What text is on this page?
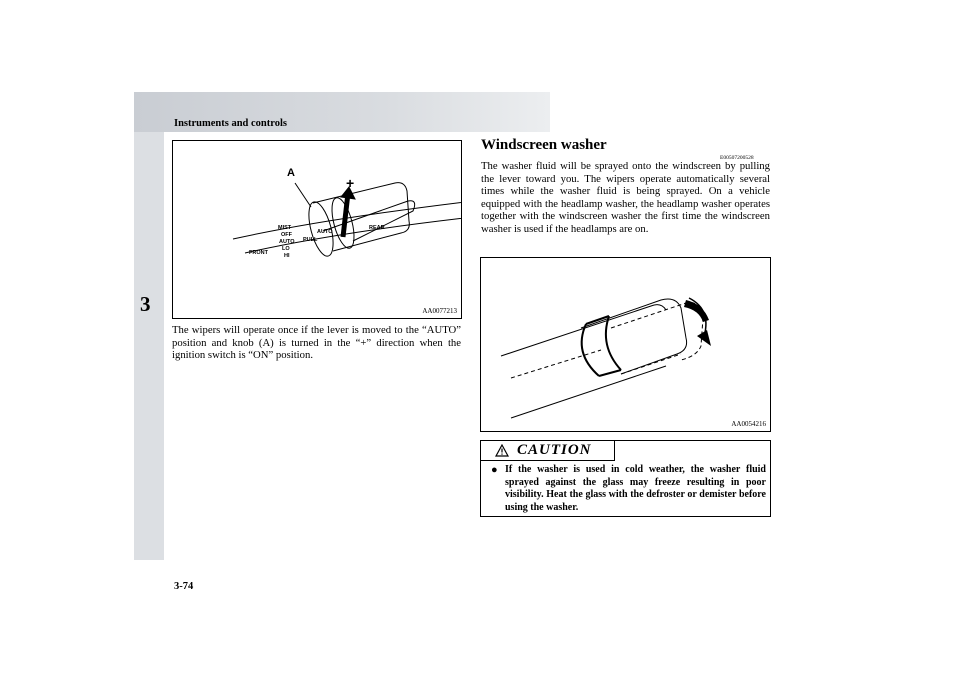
Instruments and controls
3
A
+
MIST
OFF
AUTO
LO
HI
FRONT
PULL
AUTO
REAR
AA0077213

The wipers will operate once if the lever is moved to the “AUTO” position and knob (A) is turned in the “+” direction when the ignition switch is “ON” position.

Windscreen washer
E00507200528

The washer fluid will be sprayed onto the windscreen by pulling the lever toward you. The wipers operate automatically several times while the washer fluid is being sprayed. On a vehicle equipped with the headlamp washer, the headlamp washer operates together with the windscreen washer the first time the windscreen washer is used if the headlamps are on.

AA0054216
CAUTION

● If the washer is used in cold weather, the washer fluid sprayed against the glass may freeze resulting in poor visibility. Heat the glass with the defroster or demister before using the washer.

3-74
